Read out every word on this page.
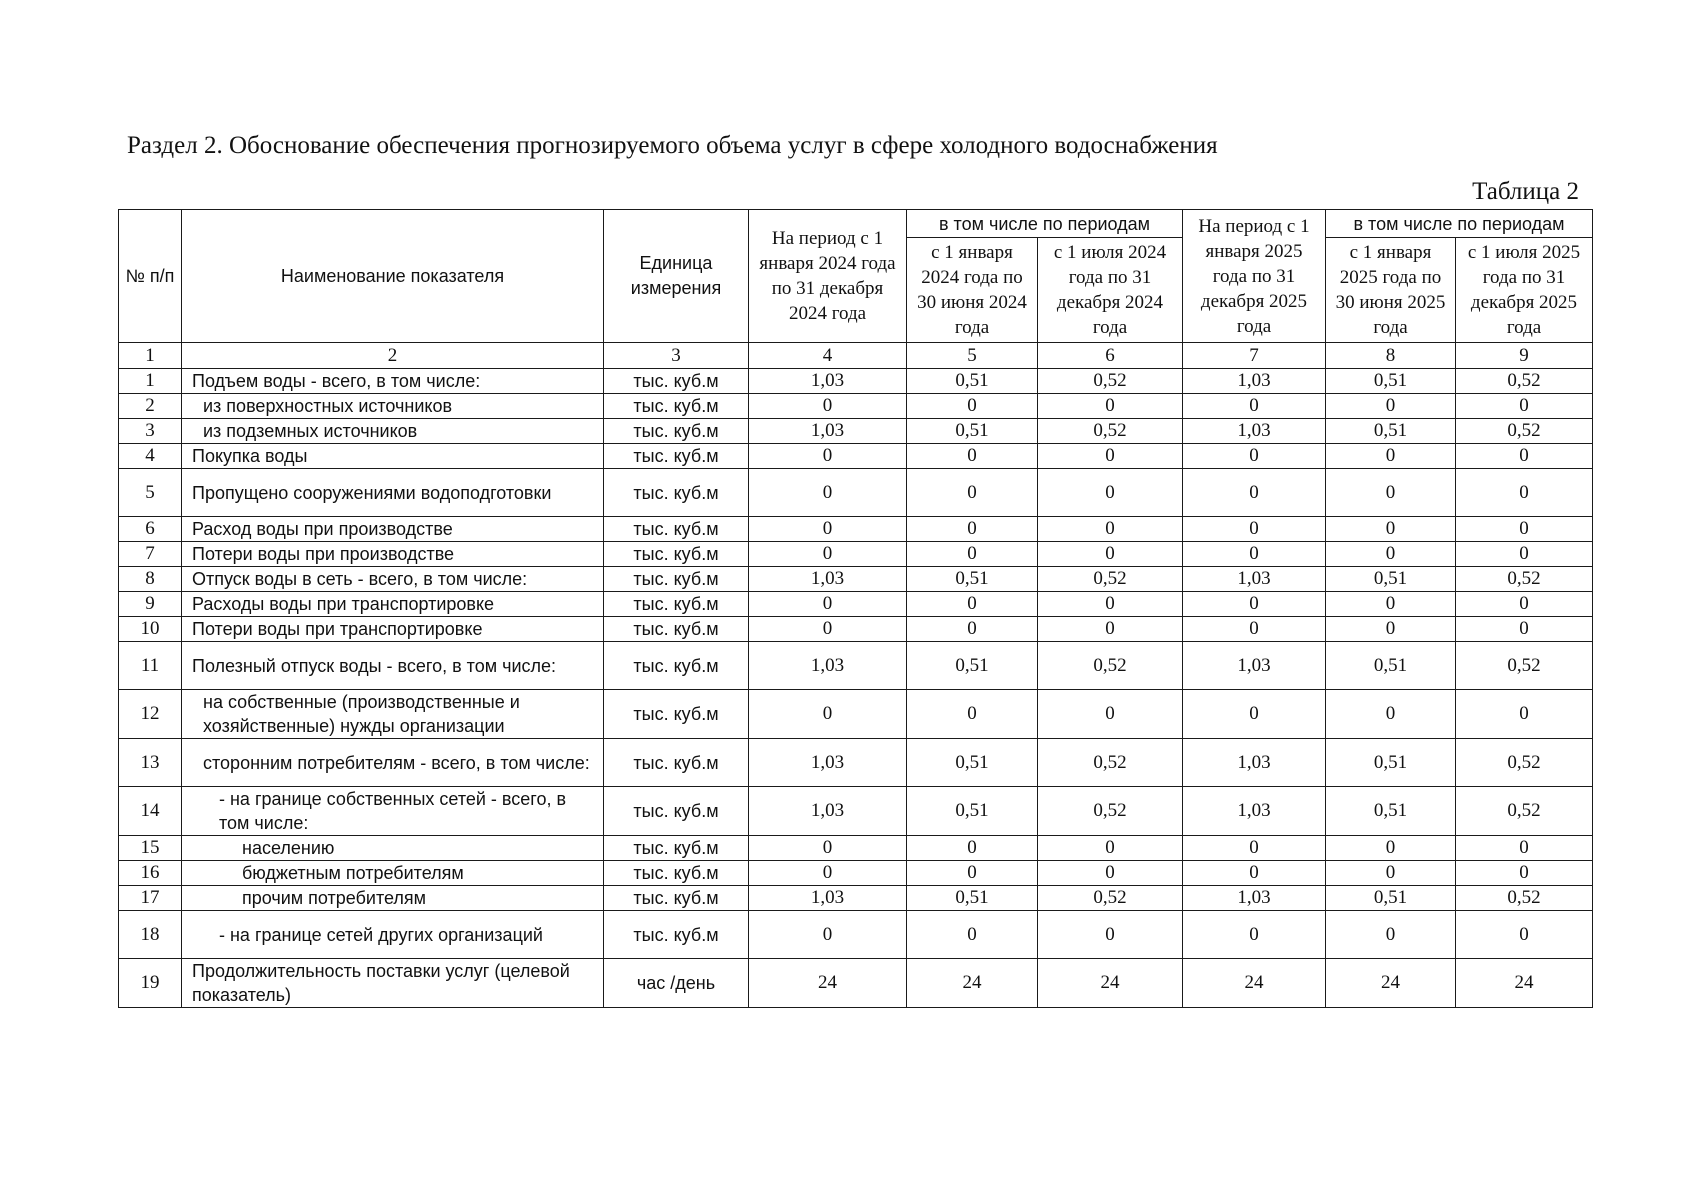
Раздел 2. Обоснование обеспечения прогнозируемого объема услуг в сфере холодного водоснабжения
Таблица 2
№ п/п	Наименование показателя	Единица измерения	На период с 1 января 2024 года по 31 декабря 2024 года	в том числе по периодам		На период с 1 января 2025 года по 31 декабря 2025 года	в том числе по периодам	
				с 1 января 2024 года по 30 июня 2024 года	с 1 июля 2024 года по 31 декабря 2024 года		с 1 января 2025 года по 30 июня 2025 года	с 1 июля 2025 года по 31 декабря 2025 года
1	2	3	4	5	6	7	8	9
1	Подъем воды - всего, в том числе:	тыс. куб.м	1,03	0,51	0,52	1,03	0,51	0,52
2	из поверхностных источников	тыс. куб.м	0	0	0	0	0	0
3	из подземных источников	тыс. куб.м	1,03	0,51	0,52	1,03	0,51	0,52
4	Покупка воды	тыс. куб.м	0	0	0	0	0	0
5	Пропущено сооружениями водоподготовки	тыс. куб.м	0	0	0	0	0	0
6	Расход воды при производстве	тыс. куб.м	0	0	0	0	0	0
7	Потери воды при производстве	тыс. куб.м	0	0	0	0	0	0
8	Отпуск воды в сеть - всего, в том числе:	тыс. куб.м	1,03	0,51	0,52	1,03	0,51	0,52
9	Расходы воды при транспортировке	тыс. куб.м	0	0	0	0	0	0
10	Потери воды при транспортировке	тыс. куб.м	0	0	0	0	0	0
11	Полезный отпуск воды - всего, в том числе:	тыс. куб.м	1,03	0,51	0,52	1,03	0,51	0,52
12	на собственные (производственные и хозяйственные) нужды организации	тыс. куб.м	0	0	0	0	0	0
13	сторонним потребителям - всего, в том числе:	тыс. куб.м	1,03	0,51	0,52	1,03	0,51	0,52
14	- на границе собственных сетей - всего, в том числе:	тыс. куб.м	1,03	0,51	0,52	1,03	0,51	0,52
15	населению	тыс. куб.м	0	0	0	0	0	0
16	бюджетным потребителям	тыс. куб.м	0	0	0	0	0	0
17	прочим потребителям	тыс. куб.м	1,03	0,51	0,52	1,03	0,51	0,52
18	- на границе сетей других организаций	тыс. куб.м	0	0	0	0	0	0
19	Продолжительность поставки услуг (целевой показатель)	час /день	24	24	24	24	24	24
